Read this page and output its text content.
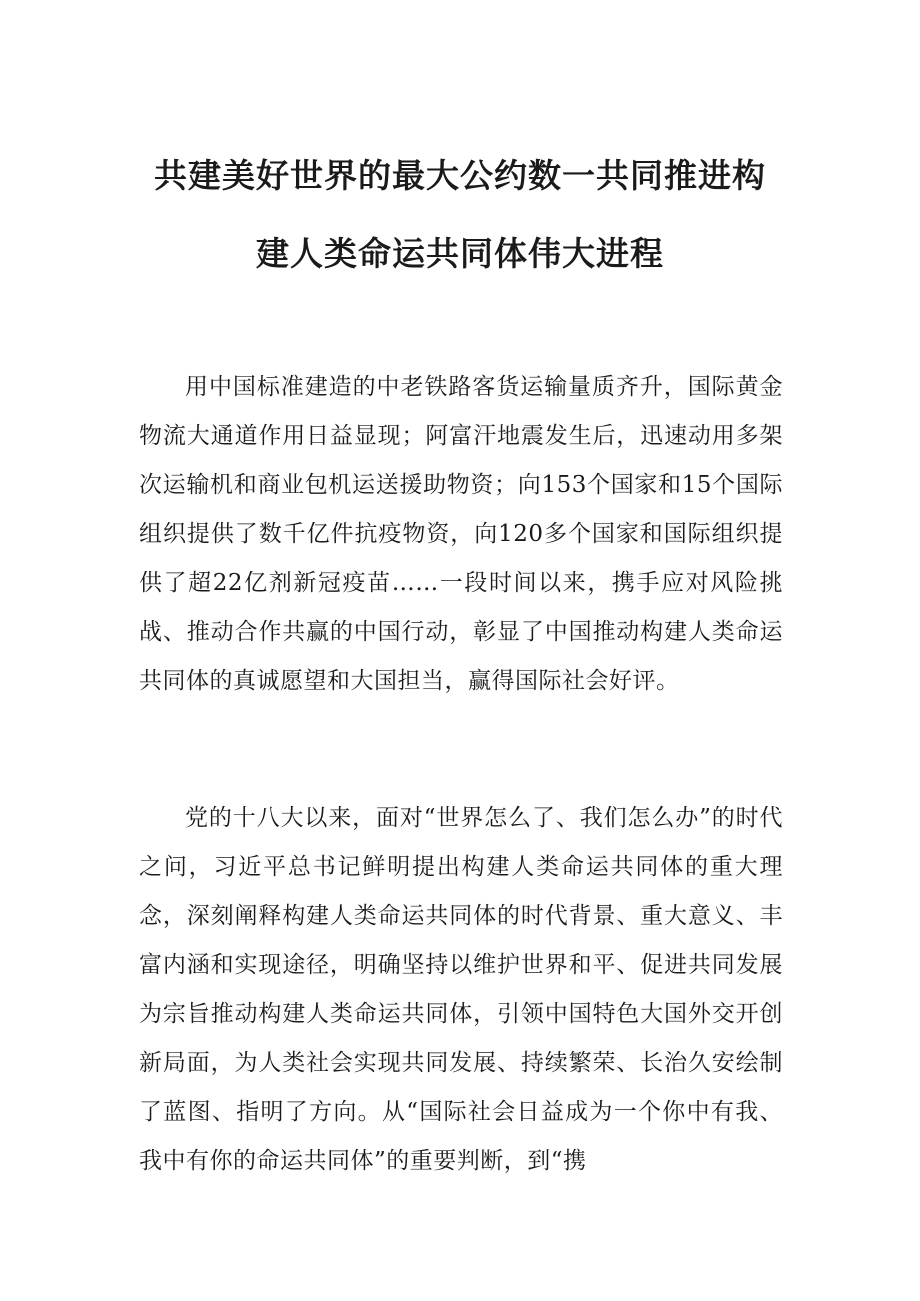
共建美好世界的最大公约数一共同推进构
建人类命运共同体伟大进程

用中国标准建造的中老铁路客货运输量质齐升，国际黄金物流大通道作用日益显现；阿富汗地震发生后，迅速动用多架次运输机和商业包机运送援助物资；向153个国家和15个国际组织提供了数千亿件抗疫物资，向120多个国家和国际组织提供了超22亿剂新冠疫苗……一段时间以来，携手应对风险挑战、推动合作共赢的中国行动，彰显了中国推动构建人类命运共同体的真诚愿望和大国担当，赢得国际社会好评。

党的十八大以来，面对“世界怎么了、我们怎么办”的时代之问，习近平总书记鲜明提出构建人类命运共同体的重大理念，深刻阐释构建人类命运共同体的时代背景、重大意义、丰富内涵和实现途径，明确坚持以维护世界和平、促进共同发展为宗旨推动构建人类命运共同体，引领中国特色大国外交开创新局面，为人类社会实现共同发展、持续繁荣、长治久安绘制了蓝图、指明了方向。从“国际社会日益成为一个你中有我、我中有你的命运共同体”的重要判断，到“携
